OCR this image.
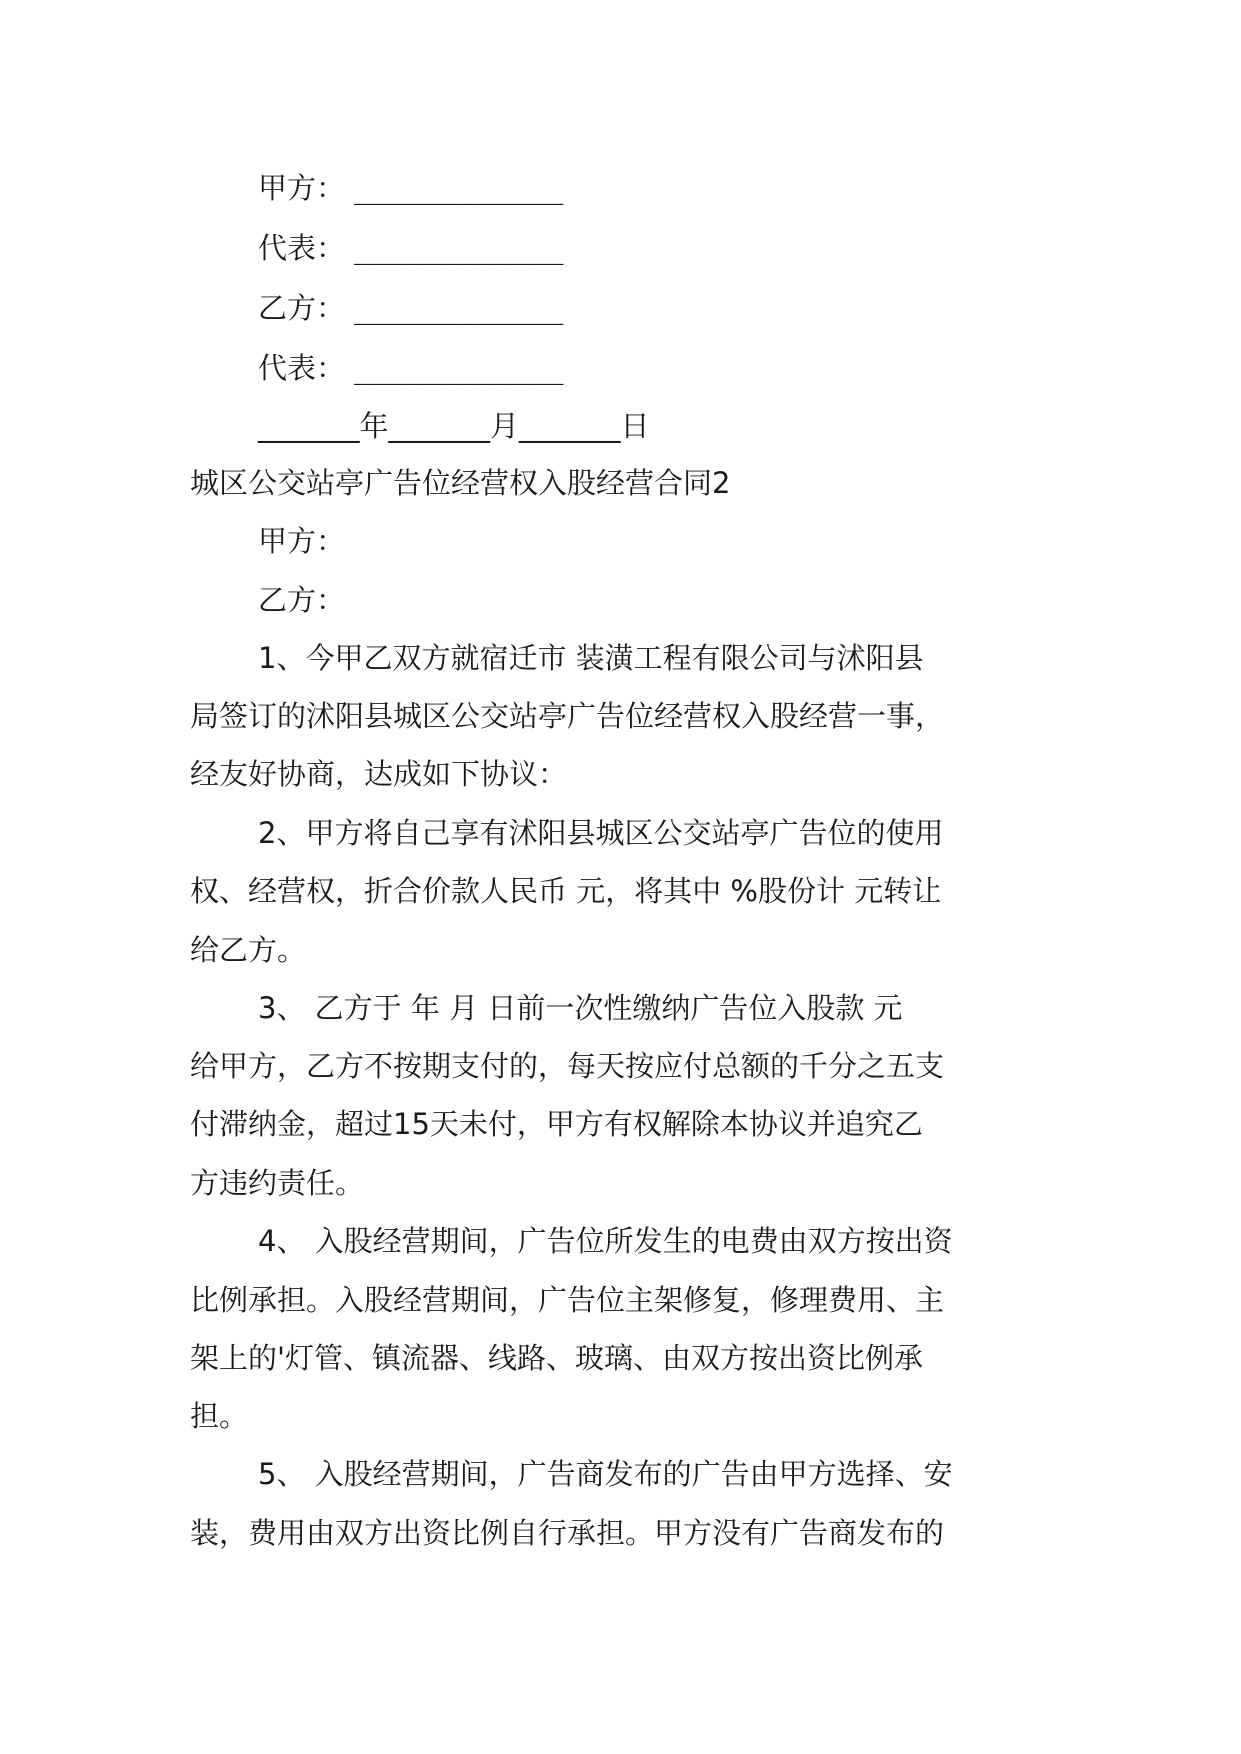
甲方： ____________
代表： ____________
乙方： ____________
代表： ____________
_______年_______月_______日
城区公交站亭广告位经营权入股经营合同2
甲方：
乙方：
1、今甲乙双方就宿迁市 装潢工程有限公司与沭阳县
局签订的沭阳县城区公交站亭广告位经营权入股经营一事，
经友好协商，达成如下协议：
2、甲方将自己享有沭阳县城区公交站亭广告位的使用
权、经营权，折合价款人民币 元，将其中 %股份计 元转让
给乙方。
3、 乙方于 年 月 日前一次性缴纳广告位入股款 元
给甲方，乙方不按期支付的，每天按应付总额的千分之五支
付滞纳金，超过15天未付，甲方有权解除本协议并追究乙
方违约责任。
4、 入股经营期间，广告位所发生的电费由双方按出资
比例承担。入股经营期间，广告位主架修复，修理费用、主
架上的'灯管、镇流器、线路、玻璃、由双方按出资比例承
担。
5、 入股经营期间，广告商发布的广告由甲方选择、安
装，费用由双方出资比例自行承担。甲方没有广告商发布的
